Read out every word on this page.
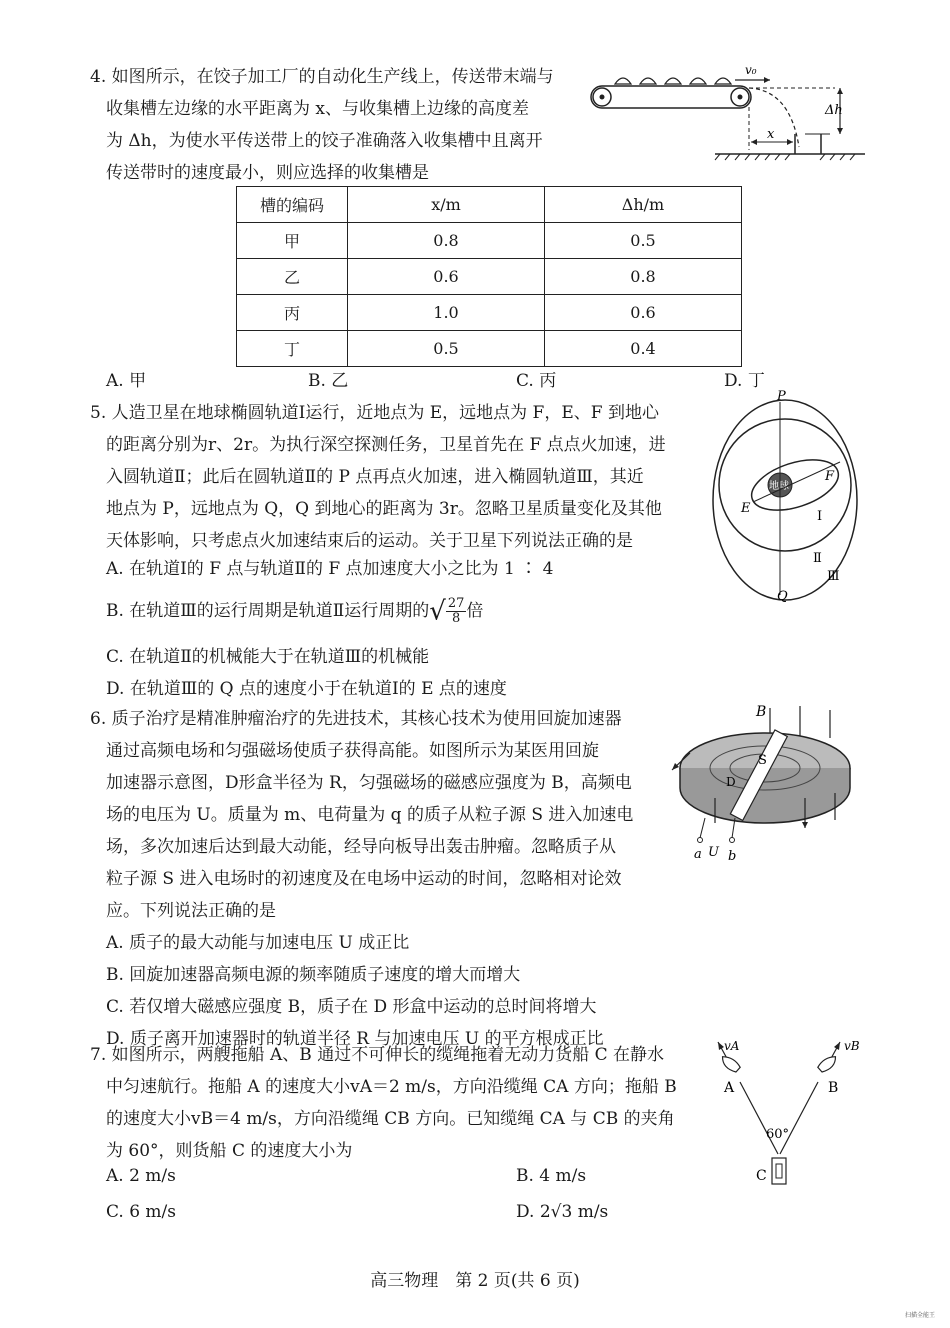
4. 如图所示，在饺子加工厂的自动化生产线上，传送带末端与
收集槽左边缘的水平距离为 x、与收集槽上边缘的高度差
为 Δh，为使水平传送带上的饺子准确落入收集槽中且离开
传送带时的速度最小，则应选择的收集槽是
v₀
Δh
x
槽的编码	x/m	Δh/m
甲	0.8	0.5
乙	0.6	0.8
丙	1.0	0.6
丁	0.5	0.4
A. 甲	B. 乙	C. 丙	D. 丁
5. 人造卫星在地球椭圆轨道Ⅰ运行，近地点为 E，远地点为 F，E、F 到地心
的距离分别为r、2r。为执行深空探测任务，卫星首先在 F 点点火加速，进
入圆轨道Ⅱ；此后在圆轨道Ⅱ的 P 点再点火加速，进入椭圆轨道Ⅲ，其近
地点为 P，远地点为 Q，Q 到地心的距离为 3r。忽略卫星质量变化及其他
天体影响，只考虑点火加速结束后的运动。关于卫星下列说法正确的是
A. 在轨道Ⅰ的 F 点与轨道Ⅱ的 F 点加速度大小之比为 1 ∶ 4
B. 在轨道Ⅲ的运行周期是轨道Ⅱ运行周期的√ $\frac{27}{8}$ 倍
C. 在轨道Ⅱ的机械能大于在轨道Ⅲ的机械能
D. 在轨道Ⅲ的 Q 点的速度小于在轨道Ⅰ的 E 点的速度
地球
P
Q
E
F
Ⅰ
Ⅱ
Ⅲ
6. 质子治疗是精准肿瘤治疗的先进技术，其核心技术为使用回旋加速器
通过高频电场和匀强磁场使质子获得高能。如图所示为某医用回旋
加速器示意图，D形盒半径为 R，匀强磁场的磁感应强度为 B，高频电
场的电压为 U。质量为 m、电荷量为 q 的质子从粒子源 S 进入加速电
场，多次加速后达到最大动能，经导向板导出轰击肿瘤。忽略质子从
粒子源 S 进入电场时的初速度及在电场中运动的时间，忽略相对论效
应。下列说法正确的是
A. 质子的最大动能与加速电压 U 成正比
B. 回旋加速器高频电源的频率随质子速度的增大而增大
C. 若仅增大磁感应强度 B，质子在 D 形盒中运动的总时间将增大
D. 质子离开加速器时的轨道半径 R 与加速电压 U 的平方根成正比
B
S
D
a U b
7. 如图所示，两艘拖船 A、B 通过不可伸长的缆绳拖着无动力货船 C 在静水
中匀速航行。拖船 A 的速度大小vA＝2 m/s，方向沿缆绳 CA 方向；拖船 B
的速度大小vB＝4 m/s，方向沿缆绳 CB 方向。已知缆绳 CA 与 CB 的夹角
为 60°，则货船 C 的速度大小为
A. 2 m/s	B. 4 m/s
C. 6 m/s	D. 2√3 m/s
vA	vB
A	B
60°
C
高三物理　第 2 页(共 6 页)
扫描全能王
